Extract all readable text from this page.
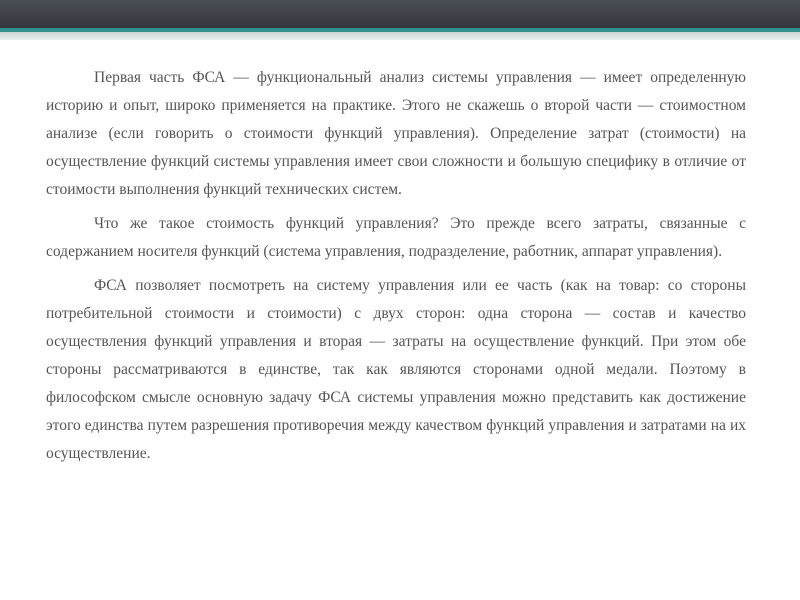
Первая часть ФСА — функциональный анализ системы управления — имеет определенную историю и опыт, широко применяется на практике. Этого не скажешь о второй части — стоимостном анализе (если говорить о стоимости функций управления). Определение затрат (стоимости) на осуществление функций системы управления имеет свои сложности и большую специфику в отличие от стоимости выполнения функций технических систем.

Что же такое стоимость функций управления? Это прежде всего затраты, связанные с содержанием носителя функций (система управления, подразделение, работник, аппарат управления).

ФСА позволяет посмотреть на систему управления или ее часть (как на товар: со стороны потребительной стоимости и стоимости) с двух сторон: одна сторона — состав и качество осуществления функций управления и вторая — затраты на осуществление функций. При этом обе стороны рассматриваются в единстве, так как являются сторонами одной медали. Поэтому в философском смысле основную задачу ФСА системы управления можно представить как достижение этого единства путем разрешения противоречия между качеством функций управления и затратами на их осуществление.
